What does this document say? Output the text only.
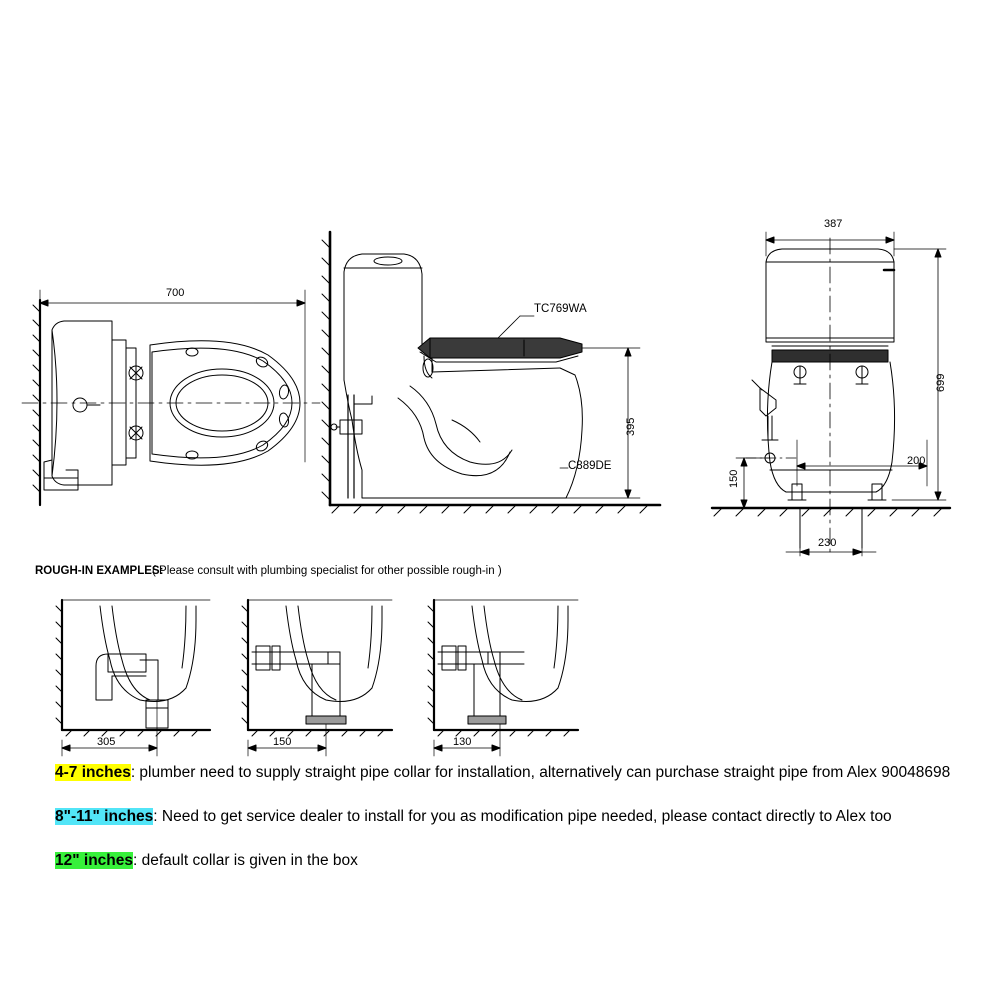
700
TC769WA
C889DE
395
387
699
200
150
230
ROUGH-IN EXAMPLES:
( Please consult with plumbing specialist for other possible rough-in )
305	150	130
4-7 inches: plumber need to supply straight pipe collar for installation, alternatively can purchase straight pipe from Alex 90048698
8"-11" inches: Need to get service dealer to install for you as modification pipe needed, please contact directly to Alex too
12" inches: default collar is given in the box
